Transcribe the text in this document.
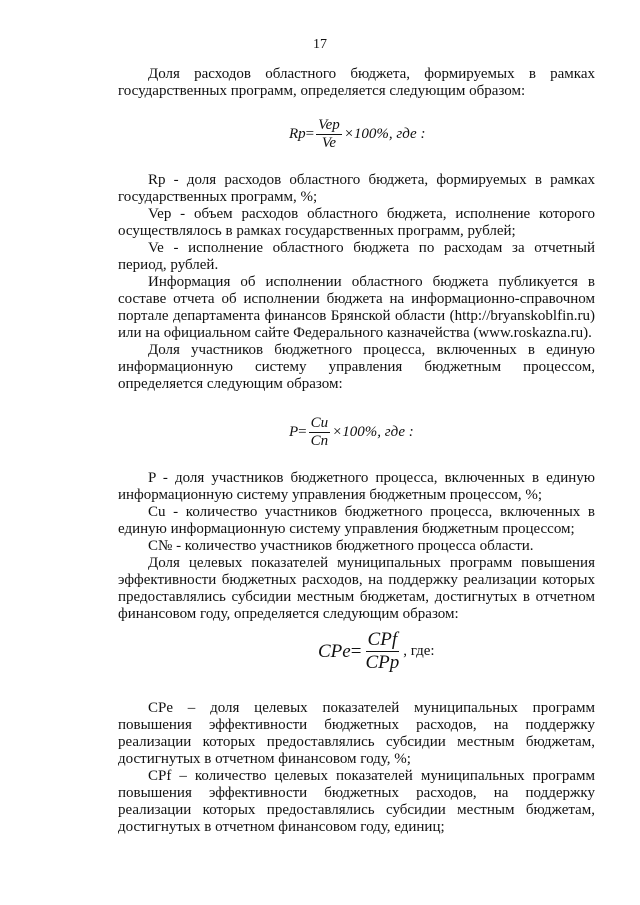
17

Доля расходов областного бюджета, формируемых в рамках государственных программ, определяется следующим образом:

$Rp = \frac{\text{Vep}}{Ve} \times 100\%$, где :

Rp - доля расходов областного бюджета, формируемых в рамках государственных программ, %;

Vep - объем расходов областного бюджета, исполнение которого осуществлялось в рамках государственных программ, рублей;

Ve - исполнение областного бюджета по расходам за отчетный период, рублей.

Информация об исполнении областного бюджета публикуется в составе отчета об исполнении бюджета на информационно-справочном портале департамента финансов Брянской области (http://bryanskoblfin.ru) или на официальном сайте Федерального казначейства (www.roskazna.ru).

Доля участников бюджетного процесса, включенных в единую информационную систему управления бюджетным процессом, определяется следующим образом:

$P = \frac{Cu}{Cn} \times 100\%$, где :

P - доля участников бюджетного процесса, включенных в единую информационную систему управления бюджетным процессом, %;

Cu - количество участников бюджетного процесса, включенных в единую информационную систему управления бюджетным процессом;

C№ - количество участников бюджетного процесса области.

Доля целевых показателей муниципальных программ повышения эффективности бюджетных расходов, на поддержку реализации которых предоставлялись субсидии местным бюджетам, достигнутых в отчетном финансовом году, определяется следующим образом:

CPe = $\frac{\text{CPf}}{\text{CPp}}$ , где:

CPe – доля целевых показателей муниципальных программ повышения эффективности бюджетных расходов, на поддержку реализации которых предоставлялись субсидии местным бюджетам, достигнутых в отчетном финансовом году, %;

CPf – количество целевых показателей муниципальных программ повышения эффективности бюджетных расходов, на поддержку реализации которых предоставлялись субсидии местным бюджетам, достигнутых в отчетном финансовом году, единиц;
